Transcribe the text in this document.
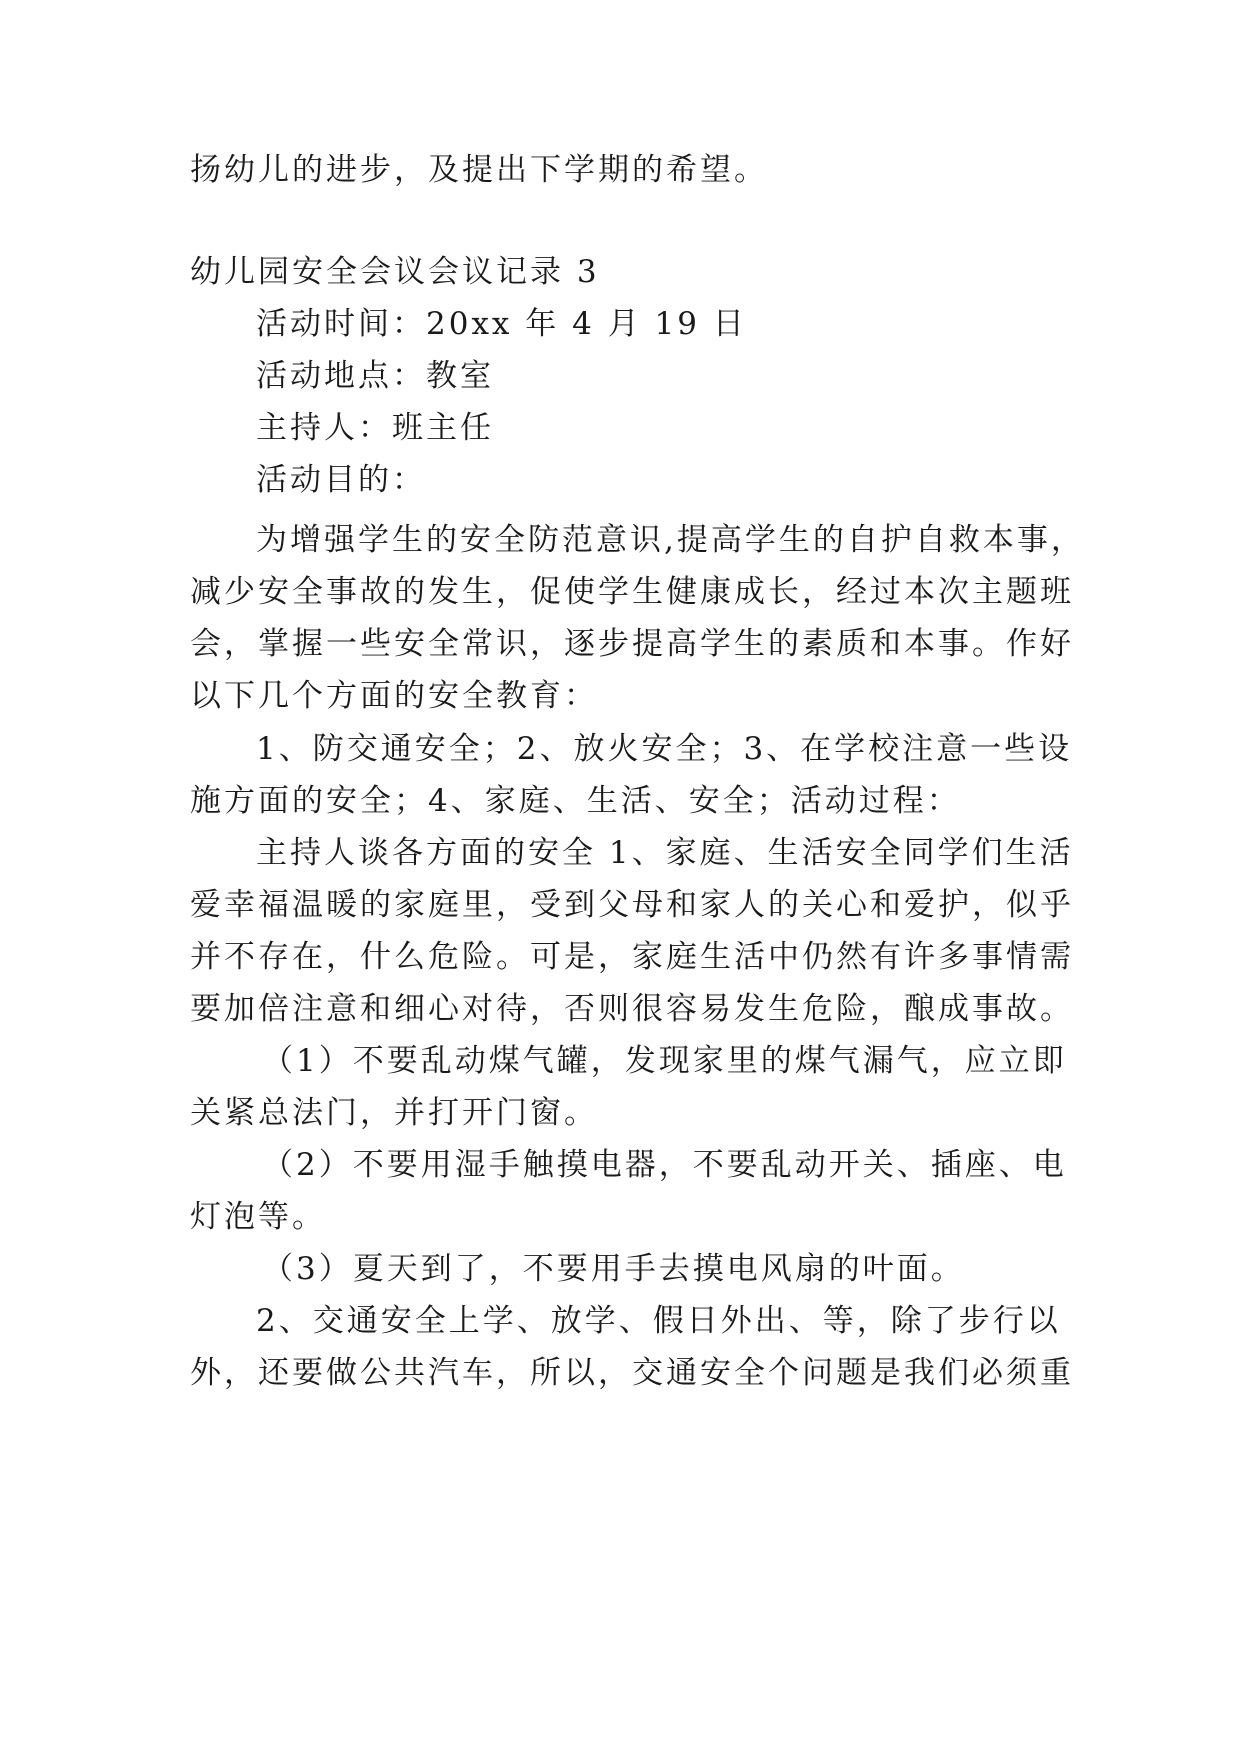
扬幼儿的进步，及提出下学期的希望。
幼儿园安全会议会议记录 3
活动时间：20xx 年 4 月 19 日
活动地点：教室
主持人：班主任
活动目的：
为增强学生的安全防范意识,提高学生的自护自救本事，
减少安全事故的发生，促使学生健康成长，经过本次主题班
会，掌握一些安全常识，逐步提高学生的素质和本事。作好
以下几个方面的安全教育：
1、防交通安全；2、放火安全；3、在学校注意一些设
施方面的安全；4、家庭、生活、安全；活动过程：
主持人谈各方面的安全 1、家庭、生活安全同学们生活
爱幸福温暖的家庭里，受到父母和家人的关心和爱护，似乎
并不存在，什么危险。可是，家庭生活中仍然有许多事情需
要加倍注意和细心对待，否则很容易发生危险，酿成事故。
（1）不要乱动煤气罐，发现家里的煤气漏气，应立即
关紧总法门，并打开门窗。
（2）不要用湿手触摸电器，不要乱动开关、插座、电
灯泡等。
（3）夏天到了，不要用手去摸电风扇的叶面。
2、交通安全上学、放学、假日外出、等，除了步行以
外，还要做公共汽车，所以，交通安全个问题是我们必须重
